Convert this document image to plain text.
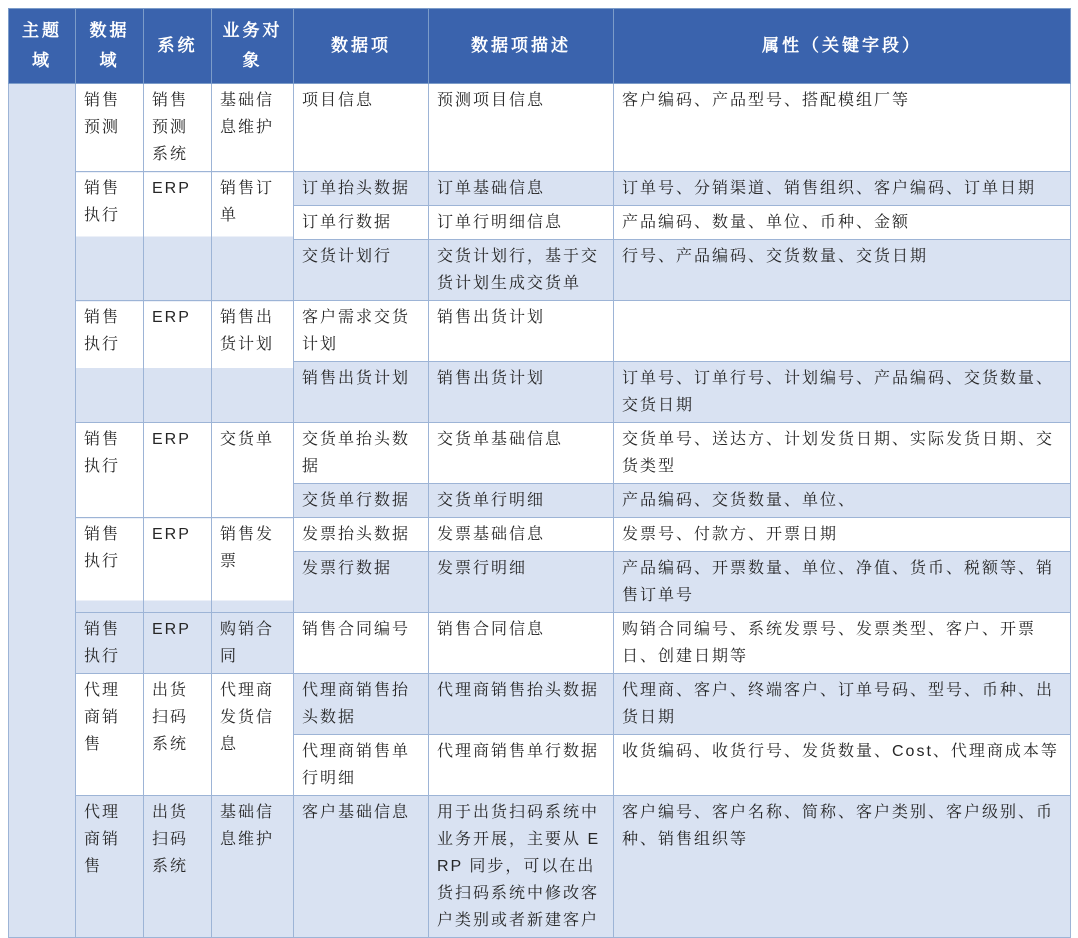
主题域	数据域	系统	业务对象	数据项	数据项描述	属性（关键字段）
	销售预测	销售预测系统	基础信息维护	项目信息	预测项目信息	客户编码、产品型号、搭配模组厂等
	销售执行	ERP	销售订单	订单抬头数据	订单基础信息	订单号、分销渠道、销售组织、客户编码、订单日期
				订单行数据	订单行明细信息	产品编码、数量、单位、币种、金额
				交货计划行	交货计划行，基于交货计划生成交货单	行号、产品编码、交货数量、交货日期
	销售执行	ERP	销售出货计划	客户需求交货计划	销售出货计划	
				销售出货计划	销售出货计划	订单号、订单行号、计划编号、产品编码、交货数量、交货日期
	销售执行	ERP	交货单	交货单抬头数据	交货单基础信息	交货单号、送达方、计划发货日期、实际发货日期、交货类型
				交货单行数据	交货单行明细	产品编码、交货数量、单位、
	销售执行	ERP	销售发票	发票抬头数据	发票基础信息	发票号、付款方、开票日期
				发票行数据	发票行明细	产品编码、开票数量、单位、净值、货币、税额等、销售订单号
	销售执行	ERP	购销合同	销售合同编号	销售合同信息	购销合同编号、系统发票号、发票类型、客户、开票日、创建日期等
	代理商销售	出货扫码系统	代理商发货信息	代理商销售抬头数据	代理商销售抬头数据	代理商、客户、终端客户、订单号码、型号、币种、出货日期
				代理商销售单行明细	代理商销售单行数据	收货编码、收货行号、发货数量、Cost、代理商成本等
	代理商销售	出货扫码系统	基础信息维护	客户基础信息	用于出货扫码系统中业务开展，主要从 ERP 同步，可以在出货扫码系统中修改客户类别或者新建客户	客户编号、客户名称、简称、客户类别、客户级别、币种、销售组织等
